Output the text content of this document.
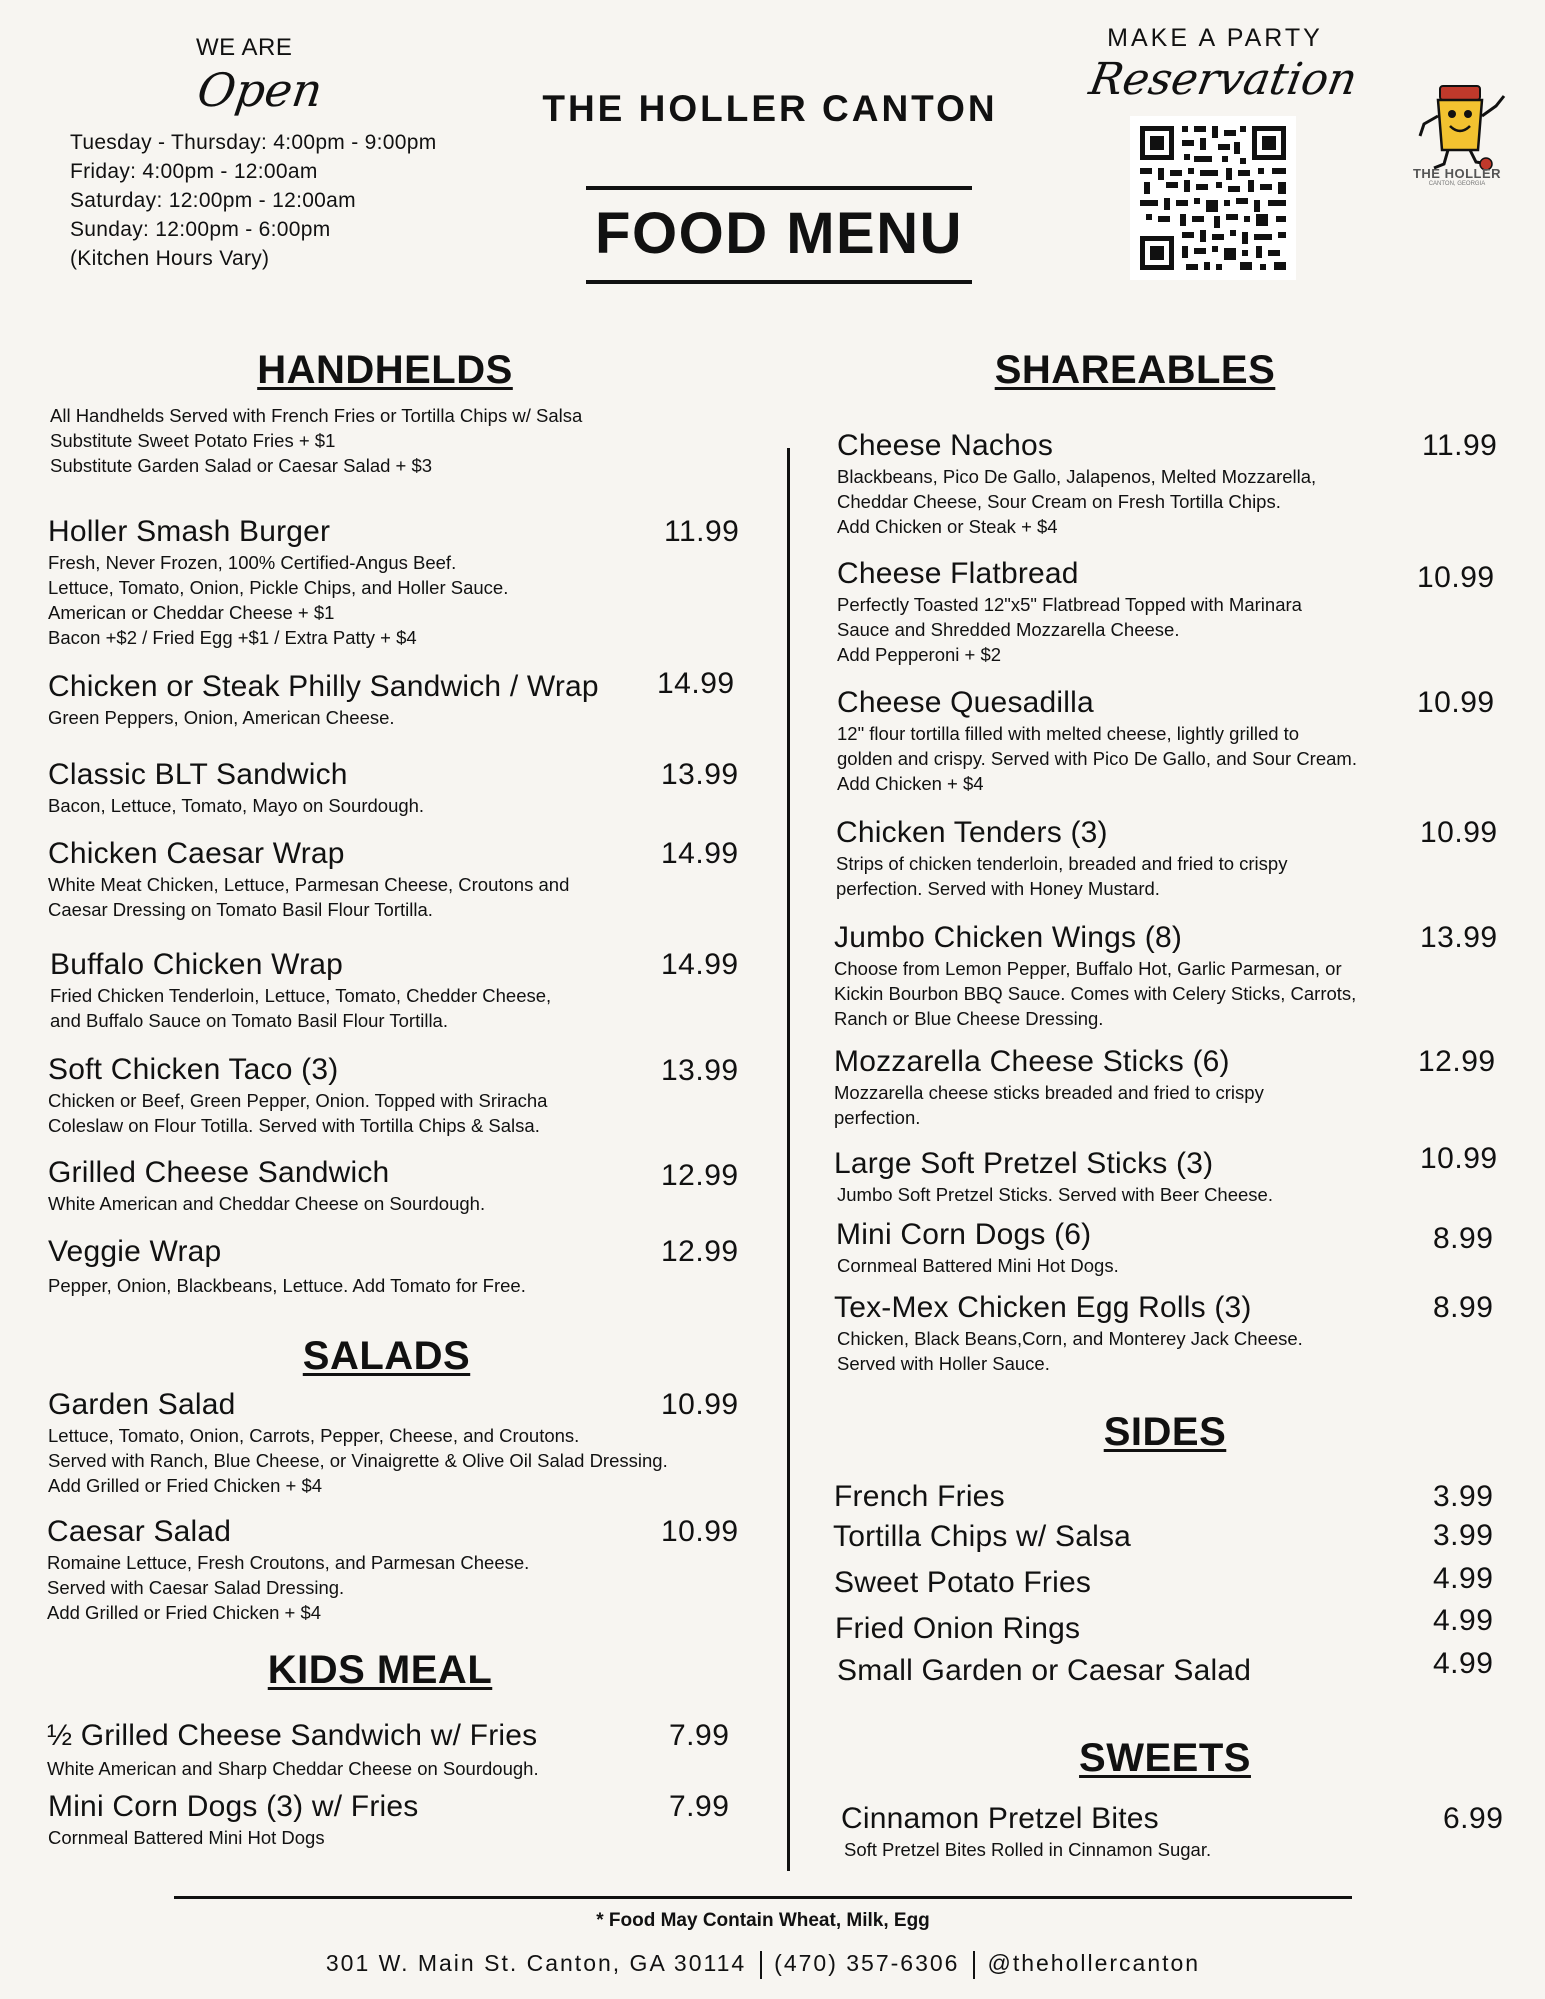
WE ARE
Open
Tuesday - Thursday: 4:00pm - 9:00pm
Friday: 4:00pm - 12:00am
Saturday: 12:00pm - 12:00am
Sunday: 12:00pm - 6:00pm
(Kitchen Hours Vary)
THE HOLLER CANTON
FOOD MENU
MAKE A PARTY
Reservation
THE HOLLER
CANTON, GEORGIA
HANDHELDS
All Handhelds Served with French Fries or Tortilla Chips w/ Salsa
Substitute Sweet Potato Fries + $1
Substitute Garden Salad or Caesar Salad + $3
Holler Smash Burger
Fresh, Never Frozen, 100% Certified-Angus Beef.
Lettuce, Tomato, Onion, Pickle Chips, and Holler Sauce.
American or Cheddar Cheese + $1
Bacon +$2 / Fried Egg +$1 / Extra Patty + $4
11.99
Chicken or Steak Philly Sandwich / Wrap
Green Peppers, Onion, American Cheese.
14.99
Classic BLT Sandwich
Bacon, Lettuce, Tomato, Mayo on Sourdough.
13.99
Chicken Caesar Wrap
White Meat Chicken, Lettuce, Parmesan Cheese, Croutons and
Caesar Dressing on Tomato Basil Flour Tortilla.
14.99
Buffalo Chicken Wrap
Fried Chicken Tenderloin, Lettuce, Tomato, Chedder Cheese,
and Buffalo Sauce on Tomato Basil Flour Tortilla.
14.99
Soft Chicken Taco (3)
Chicken or Beef, Green Pepper, Onion. Topped with Sriracha
Coleslaw on Flour Totilla. Served with Tortilla Chips & Salsa.
13.99
Grilled Cheese Sandwich
White American and Cheddar Cheese on Sourdough.
12.99
Veggie Wrap
Pepper, Onion, Blackbeans, Lettuce. Add Tomato for Free.
12.99
SALADS
Garden Salad
Lettuce, Tomato, Onion, Carrots, Pepper, Cheese, and Croutons.
Served with Ranch, Blue Cheese, or Vinaigrette & Olive Oil Salad Dressing.
Add Grilled or Fried Chicken + $4
10.99
Caesar Salad
Romaine Lettuce, Fresh Croutons, and Parmesan Cheese.
Served with Caesar Salad Dressing.
Add Grilled or Fried Chicken + $4
10.99
KIDS MEAL
½ Grilled Cheese Sandwich w/ Fries
White American and Sharp Cheddar Cheese on Sourdough.
7.99
Mini Corn Dogs (3) w/ Fries
Cornmeal Battered Mini Hot Dogs
7.99
SHAREABLES
Cheese Nachos
Blackbeans, Pico De Gallo, Jalapenos, Melted Mozzarella,
Cheddar Cheese, Sour Cream on Fresh Tortilla Chips.
Add Chicken or Steak + $4
11.99
Cheese Flatbread
Perfectly Toasted 12"x5" Flatbread Topped with Marinara
Sauce and Shredded Mozzarella Cheese.
Add Pepperoni + $2
10.99
Cheese Quesadilla
12" flour tortilla filled with melted cheese, lightly grilled to
golden and crispy. Served with Pico De Gallo, and Sour Cream.
Add Chicken + $4
10.99
Chicken Tenders (3)
Strips of chicken tenderloin, breaded and fried to crispy
perfection. Served with Honey Mustard.
10.99
Jumbo Chicken Wings (8)
Choose from Lemon Pepper, Buffalo Hot, Garlic Parmesan, or
Kickin Bourbon BBQ Sauce. Comes with Celery Sticks, Carrots,
Ranch or Blue Cheese Dressing.
13.99
Mozzarella Cheese Sticks (6)
Mozzarella cheese sticks breaded and fried to crispy
perfection.
12.99
Large Soft Pretzel Sticks (3)
Jumbo Soft Pretzel Sticks. Served with Beer Cheese.
10.99
Mini Corn Dogs (6)
Cornmeal Battered Mini Hot Dogs.
8.99
Tex-Mex Chicken Egg Rolls (3)
Chicken, Black Beans,Corn, and Monterey Jack Cheese.
Served with Holler Sauce.
8.99
SIDES
French Fries	3.99
Tortilla Chips w/ Salsa	3.99
Sweet Potato Fries	4.99
Fried Onion Rings	4.99
Small Garden or Caesar Salad	4.99
SWEETS
Cinnamon Pretzel Bites
Soft Pretzel Bites Rolled in Cinnamon Sugar.
6.99
* Food May Contain Wheat, Milk, Egg
301 W. Main St. Canton, GA 30114 (470) 357-6306 @thehollercanton
